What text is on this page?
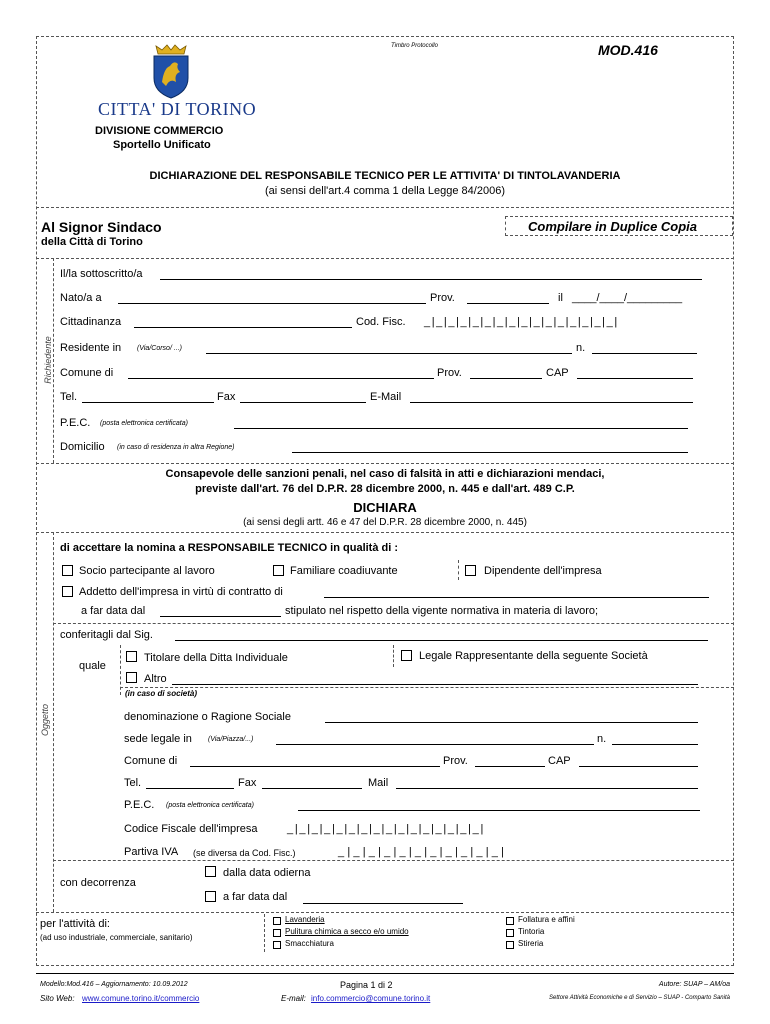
Timbro Protocollo	MOD.416
CITTA' DI TORINO
DIVISIONE COMMERCIO
Sportello Unificato
DICHIARAZIONE DEL RESPONSABILE TECNICO PER LE ATTIVITA' DI TINTOLAVANDERIA
(ai sensi dell'art.4 comma 1 della Legge 84/2006)
Al Signor Sindaco
della Città di Torino
Compilare in Duplice Copia
Richiedente
Il/la sottoscritto/a
Nato/a a	Prov.	il ____/____/_________
Cittadinanza	Cod. Fisc. _|_|_|_|_|_|_|_|_|_|_|_|_|_|_|_|
Residente in (Via/Corso/ ...)	n.
Comune di	Prov.	CAP
Tel.	Fax	E-Mail
P.E.C. (posta elettronica certificata)
Domicilio (in caso di residenza in altra Regione)
Consapevole delle sanzioni penali, nel caso di falsità in atti e dichiarazioni mendaci,
previste dall'art. 76 del D.P.R. 28 dicembre 2000, n. 445 e dall'art. 489 C.P.
DICHIARA
(ai sensi degli artt. 46 e 47 del D.P.R. 28 dicembre 2000, n. 445)
Oggetto
di accettare la nomina a RESPONSABILE TECNICO in qualità di :
Socio partecipante al lavoro	Familiare coadiuvante	Dipendente dell'impresa
Addetto dell'impresa in virtù di contratto di
a far data dal	stipulato nel rispetto della vigente normativa in materia di lavoro;
conferitagli dal Sig.
quale
Titolare della Ditta Individuale	Legale Rappresentante della seguente Società
Altro
(in caso di società)
denominazione o Ragione Sociale
sede legale in (Via/Piazza/...)	n.
Comune di	Prov.	CAP
Tel.	Fax	Mail
P.E.C. (posta elettronica certificata)
Codice Fiscale dell'impresa	_|_|_|_|_|_|_|_|_|_|_|_|_|_|_|_|
Partiva IVA (se diversa da Cod. Fisc.)	_|_|_|_|_|_|_|_|_|_|_|
con decorrenza
dalla data odierna
a far data dal
per l'attività di:
(ad uso industriale, commerciale, sanitario)
Lavanderia
Pulitura chimica a secco e/o umido
Smacchiatura
Follatura e affini
Tintoria
Stireria
Modello:Mod.416 – Aggiornamento: 10.09.2012
Sito Web: www.comune.torino.it/commercio
Pagina 1 di 2
E-mail: info.commercio@comune.torino.it
Autore: SUAP – AM/oa
Settore Attività Economiche e di Servizio – SUAP - Comparto Sanità
